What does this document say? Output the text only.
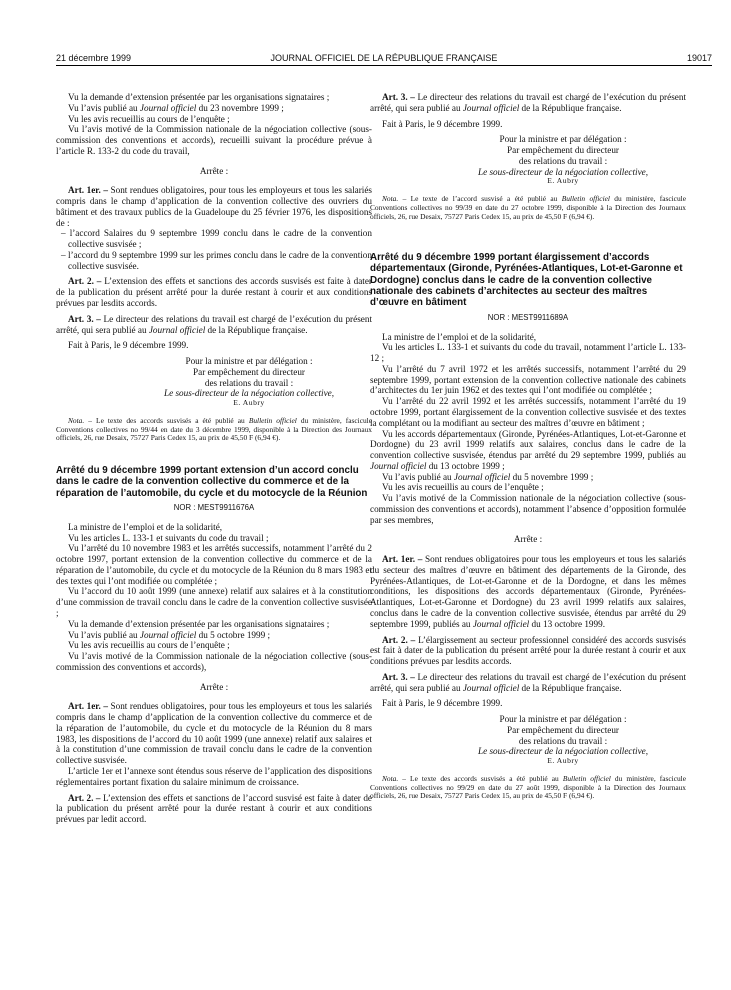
21 décembre 1999	JOURNAL OFFICIEL DE LA RÉPUBLIQUE FRANÇAISE	19017

Vu la demande d’extension présentée par les organisations signataires ;

Vu l’avis publié au Journal officiel du 23 novembre 1999 ;

Vu les avis recueillis au cours de l’enquête ;

Vu l’avis motivé de la Commission nationale de la négociation collective (sous-commission des conventions et accords), recueilli suivant la procédure prévue à l’article R. 133-2 du code du travail,

Arrête :

Art. 1er. – Sont rendues obligatoires, pour tous les employeurs et tous les salariés compris dans le champ d’application de la convention collective des ouvriers du bâtiment et des travaux publics de la Guadeloupe du 25 février 1976, les dispositions de :

– l’accord Salaires du 9 septembre 1999 conclu dans le cadre de la convention collective susvisée ;

– l’accord du 9 septembre 1999 sur les primes conclu dans le cadre de la convention collective susvisée.

Art. 2. – L’extension des effets et sanctions des accords susvisés est faite à dater de la publication du présent arrêté pour la durée restant à courir et aux conditions prévues par lesdits accords.

Art. 3. – Le directeur des relations du travail est chargé de l’exécution du présent arrêté, qui sera publié au Journal officiel de la République française.

Fait à Paris, le 9 décembre 1999.

Pour la ministre et par délégation :

Par empêchement du directeur

des relations du travail :

Le sous-directeur de la négociation collective,

E. Aubry

Nota. – Le texte des accords susvisés a été publié au Bulletin officiel du ministère, fascicule Conventions collectives no 99/44 en date du 3 décembre 1999, disponible à la Direction des Journaux officiels, 26, rue Desaix, 75727 Paris Cedex 15, au prix de 45,50 F (6,94 €).

Arrêté du 9 décembre 1999 portant extension d’un accord conclu dans le cadre de la convention collective du commerce et de la réparation de l’automobile, du cycle et du motocycle de la Réunion

NOR : MEST9911676A

La ministre de l’emploi et de la solidarité,

Vu les articles L. 133-1 et suivants du code du travail ;

Vu l’arrêté du 10 novembre 1983 et les arrêtés successifs, notamment l’arrêté du 2 octobre 1997, portant extension de la convention collective du commerce et de la réparation de l’automobile, du cycle et du motocycle de la Réunion du 8 mars 1983 et des textes qui l’ont modifiée ou complétée ;

Vu l’accord du 10 août 1999 (une annexe) relatif aux salaires et à la constitution d’une commission de travail conclu dans le cadre de la convention collective susvisée ;

Vu la demande d’extension présentée par les organisations signataires ;

Vu l’avis publié au Journal officiel du 5 octobre 1999 ;

Vu les avis recueillis au cours de l’enquête ;

Vu l’avis motivé de la Commission nationale de la négociation collective (sous-commission des conventions et accords),

Arrête :

Art. 1er. – Sont rendues obligatoires, pour tous les employeurs et tous les salariés compris dans le champ d’application de la convention collective du commerce et de la réparation de l’automobile, du cycle et du motocycle de la Réunion du 8 mars 1983, les dispositions de l’accord du 10 août 1999 (une annexe) relatif aux salaires et à la constitution d’une commission de travail conclu dans le cadre de la convention collective susvisée.

L’article 1er et l’annexe sont étendus sous réserve de l’application des dispositions réglementaires portant fixation du salaire minimum de croissance.

Art. 2. – L’extension des effets et sanctions de l’accord susvisé est faite à dater de la publication du présent arrêté pour la durée restant à courir et aux conditions prévues par ledit accord.

Art. 3. – Le directeur des relations du travail est chargé de l’exécution du présent arrêté, qui sera publié au Journal officiel de la République française.

Fait à Paris, le 9 décembre 1999.

Pour la ministre et par délégation :

Par empêchement du directeur

des relations du travail :

Le sous-directeur de la négociation collective,

E. Aubry

Nota. – Le texte de l’accord susvisé a été publié au Bulletin officiel du ministère, fascicule Conventions collectives no 99/39 en date du 27 octobre 1999, disponible à la Direction des Journaux officiels, 26, rue Desaix, 75727 Paris Cedex 15, au prix de 45,50 F (6,94 €).

Arrêté du 9 décembre 1999 portant élargissement d’accords départementaux (Gironde, Pyrénées-Atlantiques, Lot-et-Garonne et Dordogne) conclus dans le cadre de la convention collective nationale des cabinets d’architectes au secteur des maîtres d’œuvre en bâtiment

NOR : MEST9911689A

La ministre de l’emploi et de la solidarité,

Vu les articles L. 133-1 et suivants du code du travail, notamment l’article L. 133-12 ;

Vu l’arrêté du 7 avril 1972 et les arrêtés successifs, notamment l’arrêté du 29 septembre 1999, portant extension de la convention collective nationale des cabinets d’architectes du 1er juin 1962 et des textes qui l’ont modifiée ou complétée ;

Vu l’arrêté du 22 avril 1992 et les arrêtés successifs, notamment l’arrêté du 19 octobre 1999, portant élargissement de la convention collective susvisée et des textes la complétant ou la modifiant au secteur des maîtres d’œuvre en bâtiment ;

Vu les accords départementaux (Gironde, Pyrénées-Atlantiques, Lot-et-Garonne et Dordogne) du 23 avril 1999 relatifs aux salaires, conclus dans le cadre de la convention collective susvisée, étendus par arrêté du 29 septembre 1999, publiés au Journal officiel du 13 octobre 1999 ;

Vu l’avis publié au Journal officiel du 5 novembre 1999 ;

Vu les avis recueillis au cours de l’enquête ;

Vu l’avis motivé de la Commission nationale de la négociation collective (sous-commission des conventions et accords), notamment l’absence d’opposition formulée par ses membres,

Arrête :

Art. 1er. – Sont rendues obligatoires pour tous les employeurs et tous les salariés du secteur des maîtres d’œuvre en bâtiment des départements de la Gironde, des Pyrénées-Atlantiques, de Lot-et-Garonne et de la Dordogne, et dans les mêmes conditions, les dispositions des accords départementaux (Gironde, Pyrénées-Atlantiques, Lot-et-Garonne et Dordogne) du 23 avril 1999 relatifs aux salaires, conclus dans le cadre de la convention collective susvisée, étendus par arrêté du 29 septembre 1999, publiés au Journal officiel du 13 octobre 1999.

Art. 2. – L’élargissement au secteur professionnel considéré des accords susvisés est fait à dater de la publication du présent arrêté pour la durée restant à courir et aux conditions prévues par lesdits accords.

Art. 3. – Le directeur des relations du travail est chargé de l’exécution du présent arrêté, qui sera publié au Journal officiel de la République française.

Fait à Paris, le 9 décembre 1999.

Pour la ministre et par délégation :

Par empêchement du directeur

des relations du travail :

Le sous-directeur de la négociation collective,

E. Aubry

Nota. – Le texte des accords susvisés a été publié au Bulletin officiel du ministère, fascicule Conventions collectives no 99/29 en date du 27 août 1999, disponible à la Direction des Journaux officiels, 26, rue Desaix, 75727 Paris Cedex 15, au prix de 45,50 F (6,94 €).
